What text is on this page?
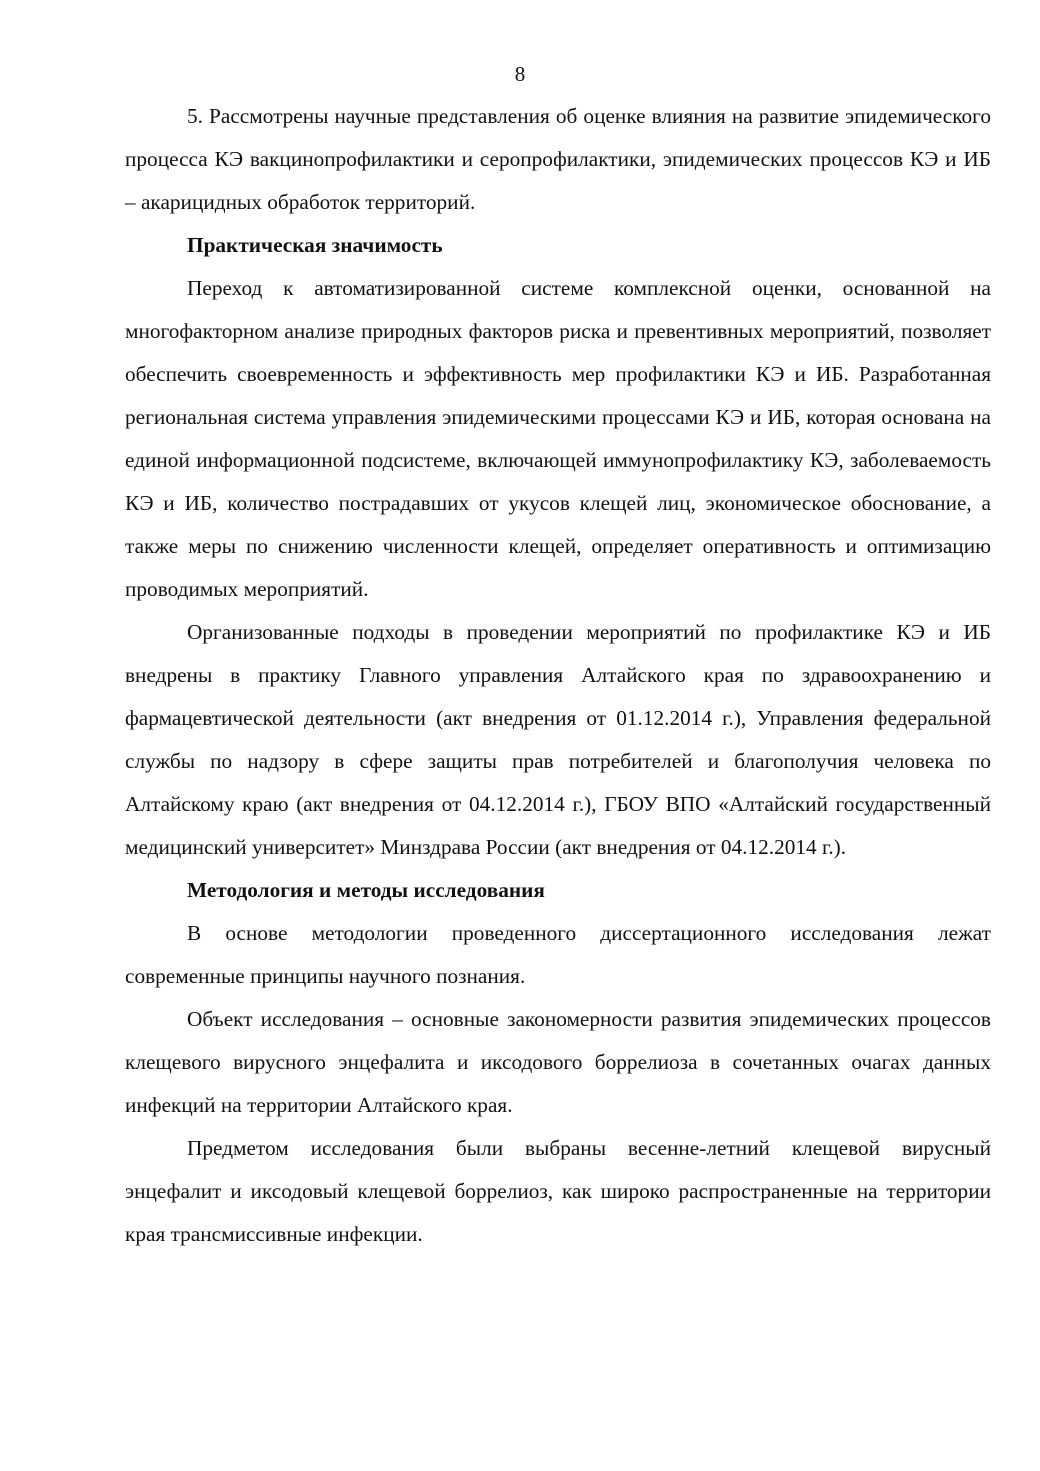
8

5. Рассмотрены научные представления об оценке влияния на развитие эпидемического процесса КЭ вакцинопрофилактики и серопрофилактики, эпидемических процессов КЭ и ИБ – акарицидных обработок территорий.

Практическая значимость

Переход к автоматизированной системе комплексной оценки, основанной на многофакторном анализе природных факторов риска и превентивных мероприятий, позволяет обеспечить своевременность и эффективность мер профилактики КЭ и ИБ. Разработанная региональная система управления эпидемическими процессами КЭ и ИБ, которая основана на единой информационной подсистеме, включающей иммунопрофилактику КЭ, заболеваемость КЭ и ИБ, количество пострадавших от укусов клещей лиц, экономическое обоснование, а также меры по снижению численности клещей, определяет оперативность и оптимизацию проводимых мероприятий.

Организованные подходы в проведении мероприятий по профилактике КЭ и ИБ внедрены в практику Главного управления Алтайского края по здравоохранению и фармацевтической деятельности (акт внедрения от 01.12.2014 г.), Управления федеральной службы по надзору в сфере защиты прав потребителей и благополучия человека по Алтайскому краю (акт внедрения от 04.12.2014 г.), ГБОУ ВПО «Алтайский государственный медицинский университет» Минздрава России (акт внедрения от 04.12.2014 г.).

Методология и методы исследования

В основе методологии проведенного диссертационного исследования лежат современные принципы научного познания.

Объект исследования – основные закономерности развития эпидемических процессов клещевого вирусного энцефалита и иксодового боррелиоза в сочетанных очагах данных инфекций на территории Алтайского края.

Предметом исследования были выбраны весенне-летний клещевой вирусный энцефалит и иксодовый клещевой боррелиоз, как широко распространенные на территории края трансмиссивные инфекции.
